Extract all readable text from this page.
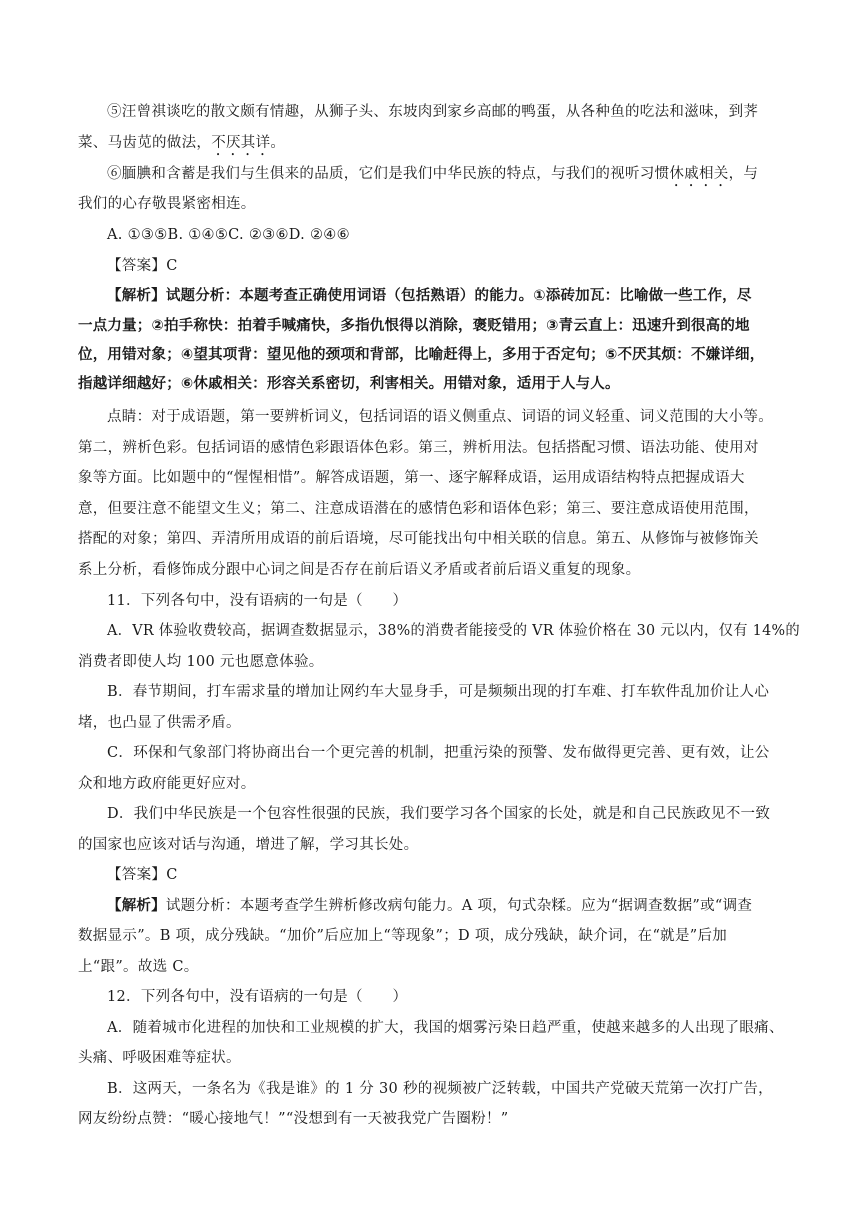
⑤汪曾祺谈吃的散文颇有情趣，从狮子头、东坡肉到家乡高邮的鸭蛋，从各种鱼的吃法和滋味，到荠
菜、马齿苋的做法，不厌其详。
⑥腼腆和含蓄是我们与生俱来的品质，它们是我们中华民族的特点，与我们的视听习惯休戚相关，与
我们的心存敬畏紧密相连。
A. ①③⑤B. ①④⑤C. ②③⑥D. ②④⑥
【答案】C
【解析】试题分析：本题考查正确使用词语（包括熟语）的能力。①添砖加瓦：比喻做一些工作，尽
一点力量；②拍手称快：拍着手喊痛快，多指仇恨得以消除，褒贬错用；③青云直上：迅速升到很高的地
位，用错对象；④望其项背：望见他的颈项和背部，比喻赶得上，多用于否定句；⑤不厌其烦：不嫌详细，
指越详细越好；⑥休戚相关：形容关系密切，利害相关。用错对象，适用于人与人。
点睛：对于成语题，第一要辨析词义，包括词语的语义侧重点、词语的词义轻重、词义范围的大小等。
第二，辨析色彩。包括词语的感情色彩跟语体色彩。第三，辨析用法。包括搭配习惯、语法功能、使用对
象等方面。比如题中的“惺惺相惜”。解答成语题，第一、逐字解释成语，运用成语结构特点把握成语大
意，但要注意不能望文生义；第二、注意成语潜在的感情色彩和语体色彩；第三、要注意成语使用范围，
搭配的对象；第四、弄清所用成语的前后语境，尽可能找出句中相关联的信息。第五、从修饰与被修饰关
系上分析，看修饰成分跟中心词之间是否存在前后语义矛盾或者前后语义重复的现象。
11．下列各句中，没有语病的一句是（　　）
A．VR 体验收费较高，据调查数据显示，38%的消费者能接受的 VR 体验价格在 30 元以内，仅有 14%的
消费者即使人均 100 元也愿意体验。
B．春节期间，打车需求量的增加让网约车大显身手，可是频频出现的打车难、打车软件乱加价让人心
堵，也凸显了供需矛盾。
C．环保和气象部门将协商出台一个更完善的机制，把重污染的预警、发布做得更完善、更有效，让公
众和地方政府能更好应对。
D．我们中华民族是一个包容性很强的民族，我们要学习各个国家的长处，就是和自己民族政见不一致
的国家也应该对话与沟通，增进了解，学习其长处。
【答案】C
【解析】试题分析：本题考查学生辨析修改病句能力。A 项，句式杂糅。应为“据调查数据”或“调查
数据显示”。B 项，成分残缺。“加价”后应加上“等现象”；D 项，成分残缺，缺介词，在“就是”后加
上“跟”。故选 C。
12．下列各句中，没有语病的一句是（　　）
A．随着城市化进程的加快和工业规模的扩大，我国的烟雾污染日趋严重，使越来越多的人出现了眼痛、
头痛、呼吸困难等症状。
B．这两天，一条名为《我是谁》的 1 分 30 秒的视频被广泛转载，中国共产党破天荒第一次打广告，
网友纷纷点赞：“暖心接地气！”“没想到有一天被我党广告圈粉！”
